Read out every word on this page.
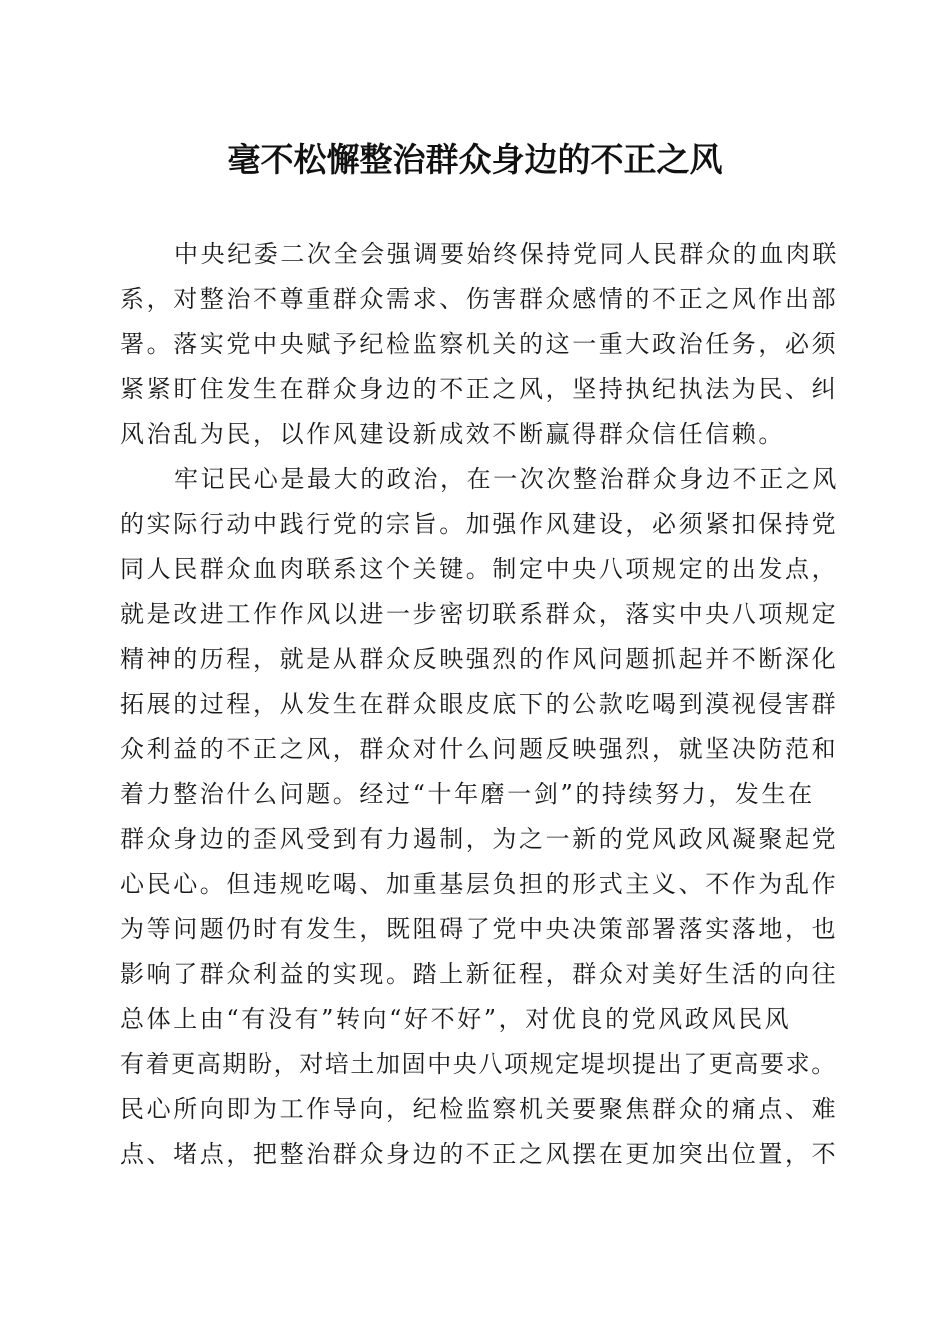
毫不松懈整治群众身边的不正之风

中央纪委二次全会强调要始终保持党同人民群众的血肉联

系，对整治不尊重群众需求、伤害群众感情的不正之风作出部

署。落实党中央赋予纪检监察机关的这一重大政治任务，必须

紧紧盯住发生在群众身边的不正之风，坚持执纪执法为民、纠

风治乱为民，以作风建设新成效不断赢得群众信任信赖。

牢记民心是最大的政治，在一次次整治群众身边不正之风

的实际行动中践行党的宗旨。加强作风建设，必须紧扣保持党

同人民群众血肉联系这个关键。制定中央八项规定的出发点，

就是改进工作作风以进一步密切联系群众，落实中央八项规定

精神的历程，就是从群众反映强烈的作风问题抓起并不断深化

拓展的过程，从发生在群众眼皮底下的公款吃喝到漠视侵害群

众利益的不正之风，群众对什么问题反映强烈，就坚决防范和

着力整治什么问题。经过“十年磨一剑”的持续努力，发生在

群众身边的歪风受到有力遏制，为之一新的党风政风凝聚起党

心民心。但违规吃喝、加重基层负担的形式主义、不作为乱作

为等问题仍时有发生，既阻碍了党中央决策部署落实落地，也

影响了群众利益的实现。踏上新征程，群众对美好生活的向往

总体上由“有没有”转向“好不好”，对优良的党风政风民风

有着更高期盼，对培土加固中央八项规定堤坝提出了更高要求。

民心所向即为工作导向，纪检监察机关要聚焦群众的痛点、难

点、堵点，把整治群众身边的不正之风摆在更加突出位置，不
